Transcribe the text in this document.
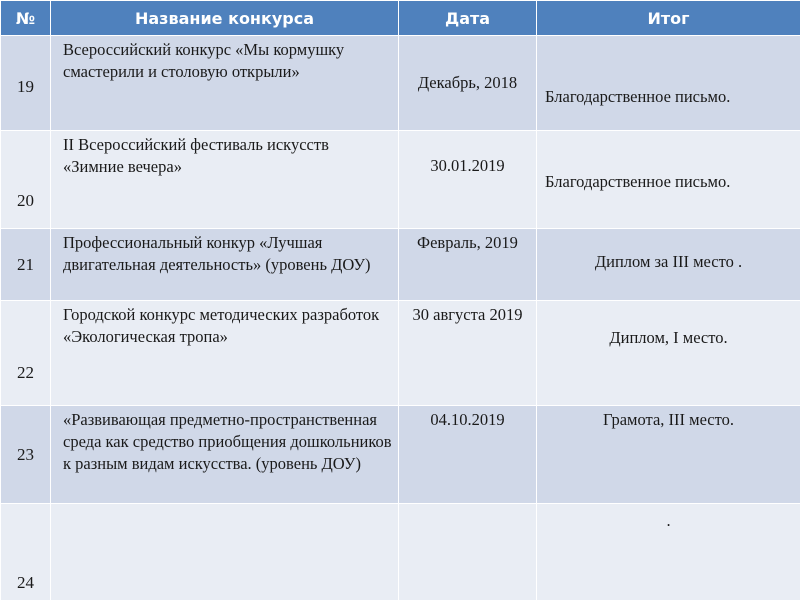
№	Название конкурса	Дата	Итог
19	Всероссийский конкурс «Мы кормушку смастерили и столовую открыли»	Декабрь, 2018	Благодарственное письмо.
20	II Всероссийский фестиваль искусств «Зимние вечера»	30.01.2019	Благодарственное письмо.
21	Профессиональный конкур «Лучшая двигательная деятельность» (уровень ДОУ)	Февраль, 2019	Диплом за III место .
22	Городской конкурс методических разработок «Экологическая тропа»	30 августа 2019	Диплом, I место.
23	«Развивающая предметно-пространственная среда как средство приобщения дошкольников к разным видам искусства. (уровень ДОУ)	04.10.2019	Грамота, III место.
24			.
